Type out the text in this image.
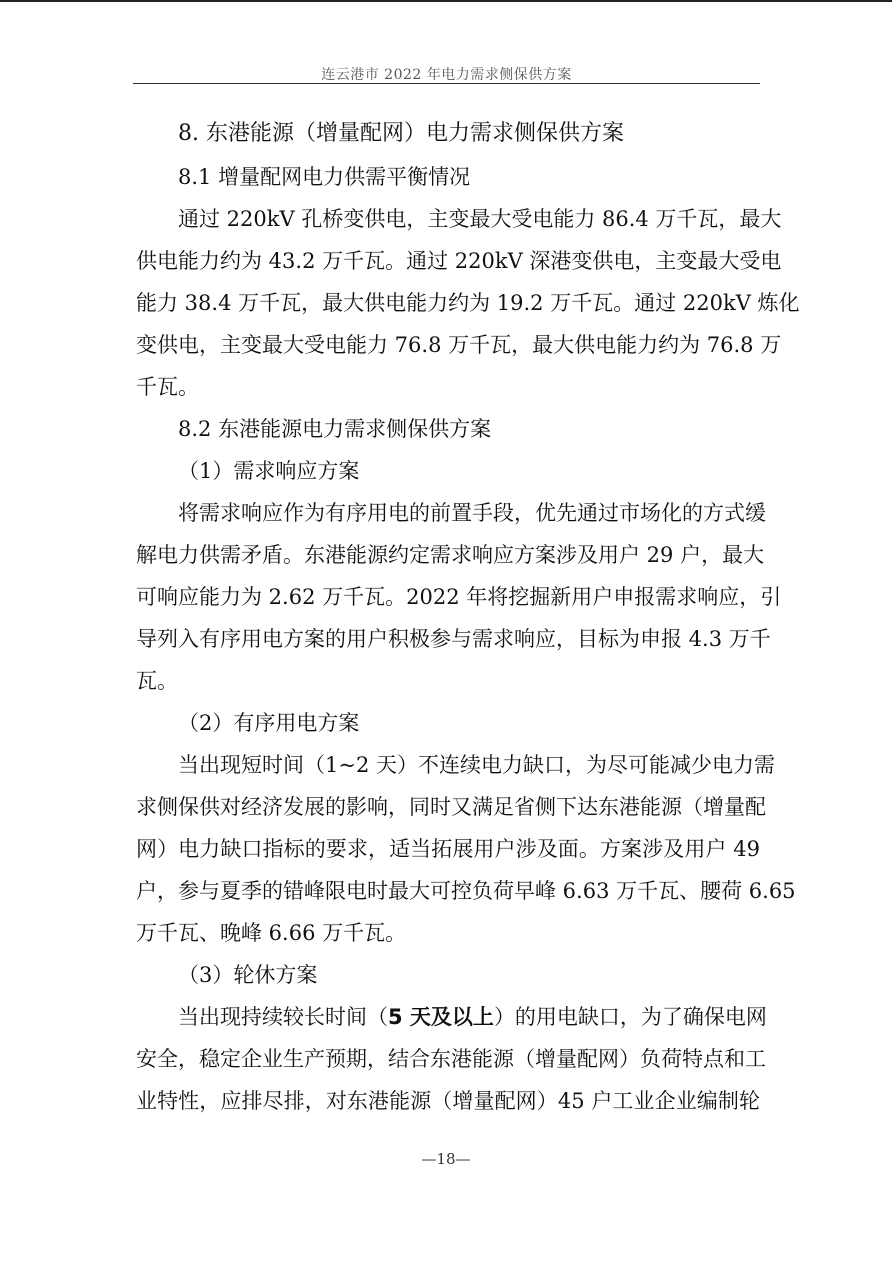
连云港市 2022 年电力需求侧保供方案
8. 东港能源（增量配网）电力需求侧保供方案
8.1 增量配网电力供需平衡情况
通过 220kV 孔桥变供电，主变最大受电能力 86.4 万千瓦，最大
供电能力约为 43.2 万千瓦。通过 220kV 深港变供电，主变最大受电
能力 38.4 万千瓦，最大供电能力约为 19.2 万千瓦。通过 220kV 炼化
变供电，主变最大受电能力 76.8 万千瓦，最大供电能力约为 76.8 万
千瓦。
8.2 东港能源电力需求侧保供方案
（1）需求响应方案
将需求响应作为有序用电的前置手段，优先通过市场化的方式缓
解电力供需矛盾。东港能源约定需求响应方案涉及用户 29 户，最大
可响应能力为 2.62 万千瓦。2022 年将挖掘新用户申报需求响应，引
导列入有序用电方案的用户积极参与需求响应，目标为申报 4.3 万千
瓦。
（2）有序用电方案
当出现短时间（1~2 天）不连续电力缺口，为尽可能减少电力需
求侧保供对经济发展的影响，同时又满足省侧下达东港能源（增量配
网）电力缺口指标的要求，适当拓展用户涉及面。方案涉及用户 49
户，参与夏季的错峰限电时最大可控负荷早峰 6.63 万千瓦、腰荷 6.65
万千瓦、晚峰 6.66 万千瓦。
（3）轮休方案
当出现持续较长时间（5 天及以上）的用电缺口，为了确保电网
安全，稳定企业生产预期，结合东港能源（增量配网）负荷特点和工
业特性，应排尽排，对东港能源（增量配网）45 户工业企业编制轮
—18—
